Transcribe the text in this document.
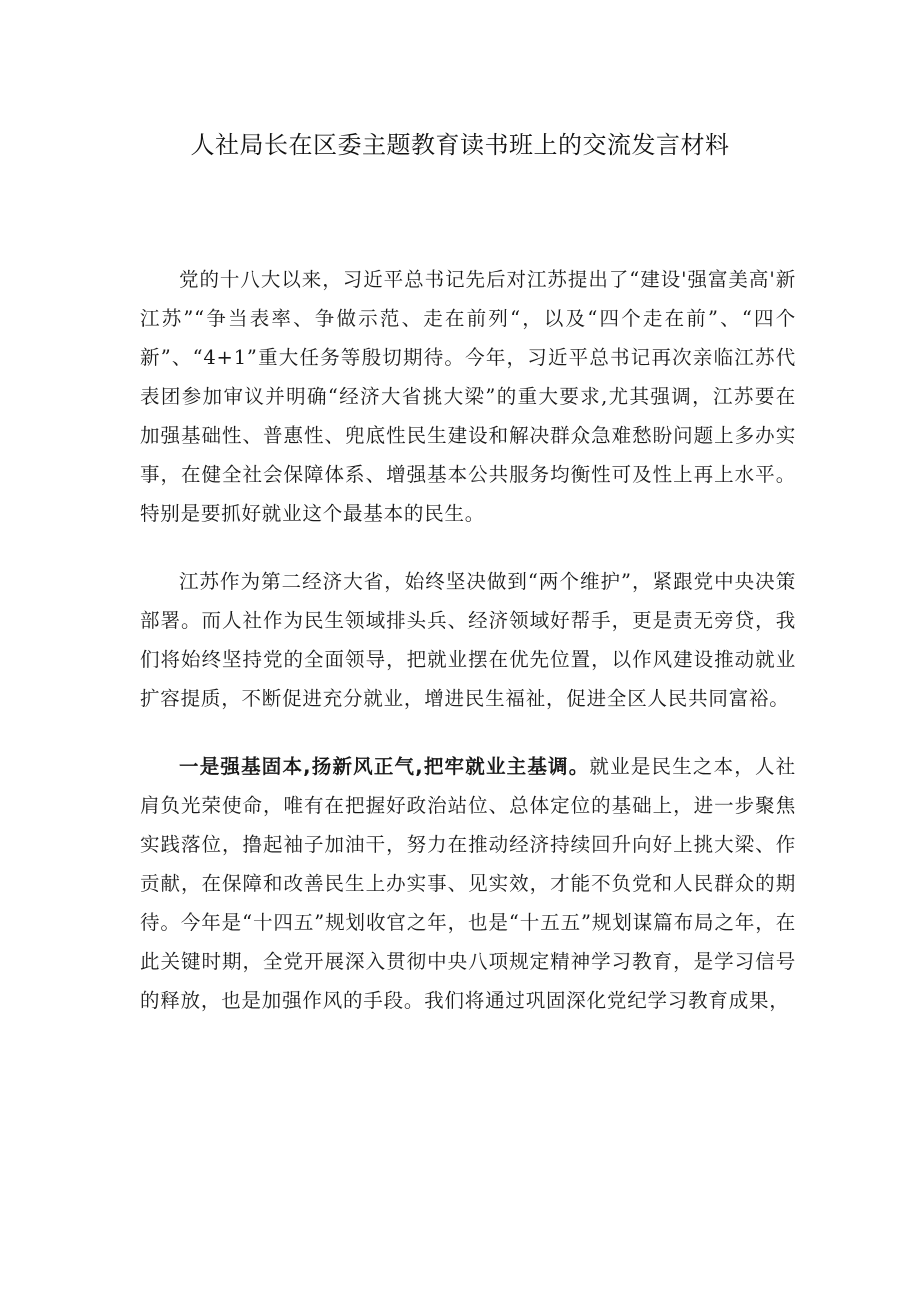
人社局长在区委主题教育读书班上的交流发言材料

党的十八大以来，习近平总书记先后对江苏提出了“建设'强富美高'新江苏”“争当表率、争做示范、走在前列“，以及“四个走在前”、“四个新”、“4+1”重大任务等殷切期待。今年，习近平总书记再次亲临江苏代表团参加审议并明确“经济大省挑大梁”的重大要求,尤其强调，江苏要在加强基础性、普惠性、兜底性民生建设和解决群众急难愁盼问题上多办实事，在健全社会保障体系、增强基本公共服务均衡性可及性上再上水平。特别是要抓好就业这个最基本的民生。

江苏作为第二经济大省，始终坚决做到“两个维护”，紧跟党中央决策部署。而人社作为民生领域排头兵、经济领域好帮手，更是责无旁贷，我们将始终坚持党的全面领导，把就业摆在优先位置，以作风建设推动就业扩容提质，不断促进充分就业，增进民生福祉，促进全区人民共同富裕。

一是强基固本,扬新风正气,把牢就业主基调。就业是民生之本，人社肩负光荣使命，唯有在把握好政治站位、总体定位的基础上，进一步聚焦实践落位，撸起袖子加油干，努力在推动经济持续回升向好上挑大梁、作贡献，在保障和改善民生上办实事、见实效，才能不负党和人民群众的期待。今年是“十四五”规划收官之年，也是“十五五”规划谋篇布局之年，在此关键时期，全党开展深入贯彻中央八项规定精神学习教育，是学习信号的释放，也是加强作风的手段。我们将通过巩固深化党纪学习教育成果，
